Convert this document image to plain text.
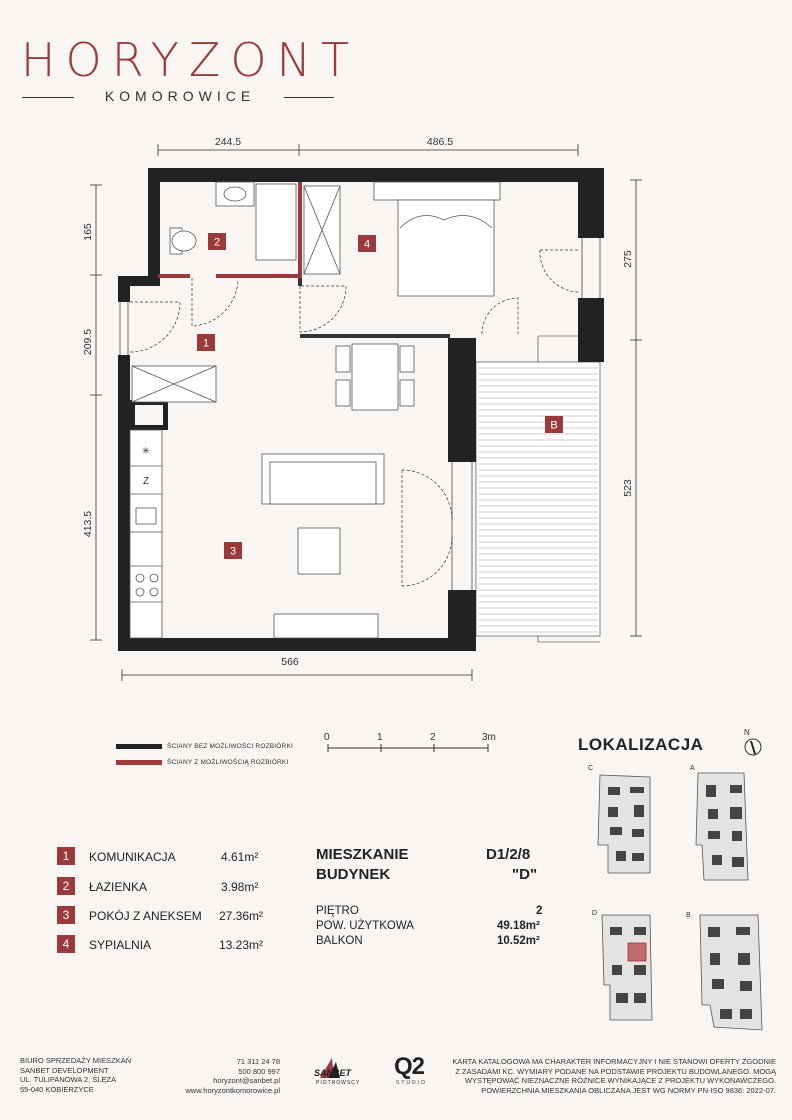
HORYZONT
KOMOROWICE
244.5	486.5
165
209.5
413.5
275
523
566
✳
Z
1
2
3
4
B
ŚCIANY BEZ MOŻLIWOŚCI ROZBIÓRKI
ŚCIANY Z MOŻLIWOŚCIĄ ROZBIÓRKI
0	1	2	3m
1	KOMUNIKACJA	4.61m²
2	ŁAZIENKA	3.98m²
3	POKÓJ Z ANEKSEM 27.36m²
4	SYPIALNIA	13.23m²
MIESZKANIE
BUDYNEK
D1/2/8
"D"
PIĘTRO	2
POW. UŻYTKOWA	49.18m²
BALKON	10.52m²
LOKALIZACJA
N
C	A
D	B
BIURO SPRZEDAŻY MIESZKAŃ
SANBET DEVELOPMENT
UL. TULIPANOWA 2, ŚLĘZA
55-040 KOBIERZYCE
71 311 24 78
500 800 997
horyzont@sanbet.pl
www.horyzontkomorowice.pl
SANBET
PIOTROWSCY
Q2
STUDIO
KARTA KATALOGOWA MA CHARAKTER INFORMACYJNY I NIE STANOWI OFERTY ZGODNIE
Z ZASADAMI KC. WYMIARY PODANE NA PODSTAWIE PROJEKTU BUDOWLANEGO. MOGĄ
WYSTĘPOWAĆ NIEZNACZNE RÓŻNICE WYNIKAJĄCE Z PROJEKTU WYKONAWCZEGO.
POWIERZCHNIA MIESZKANIA OBLICZANA JEST WG NORMY PN-ISO 9836: 2022-07.
